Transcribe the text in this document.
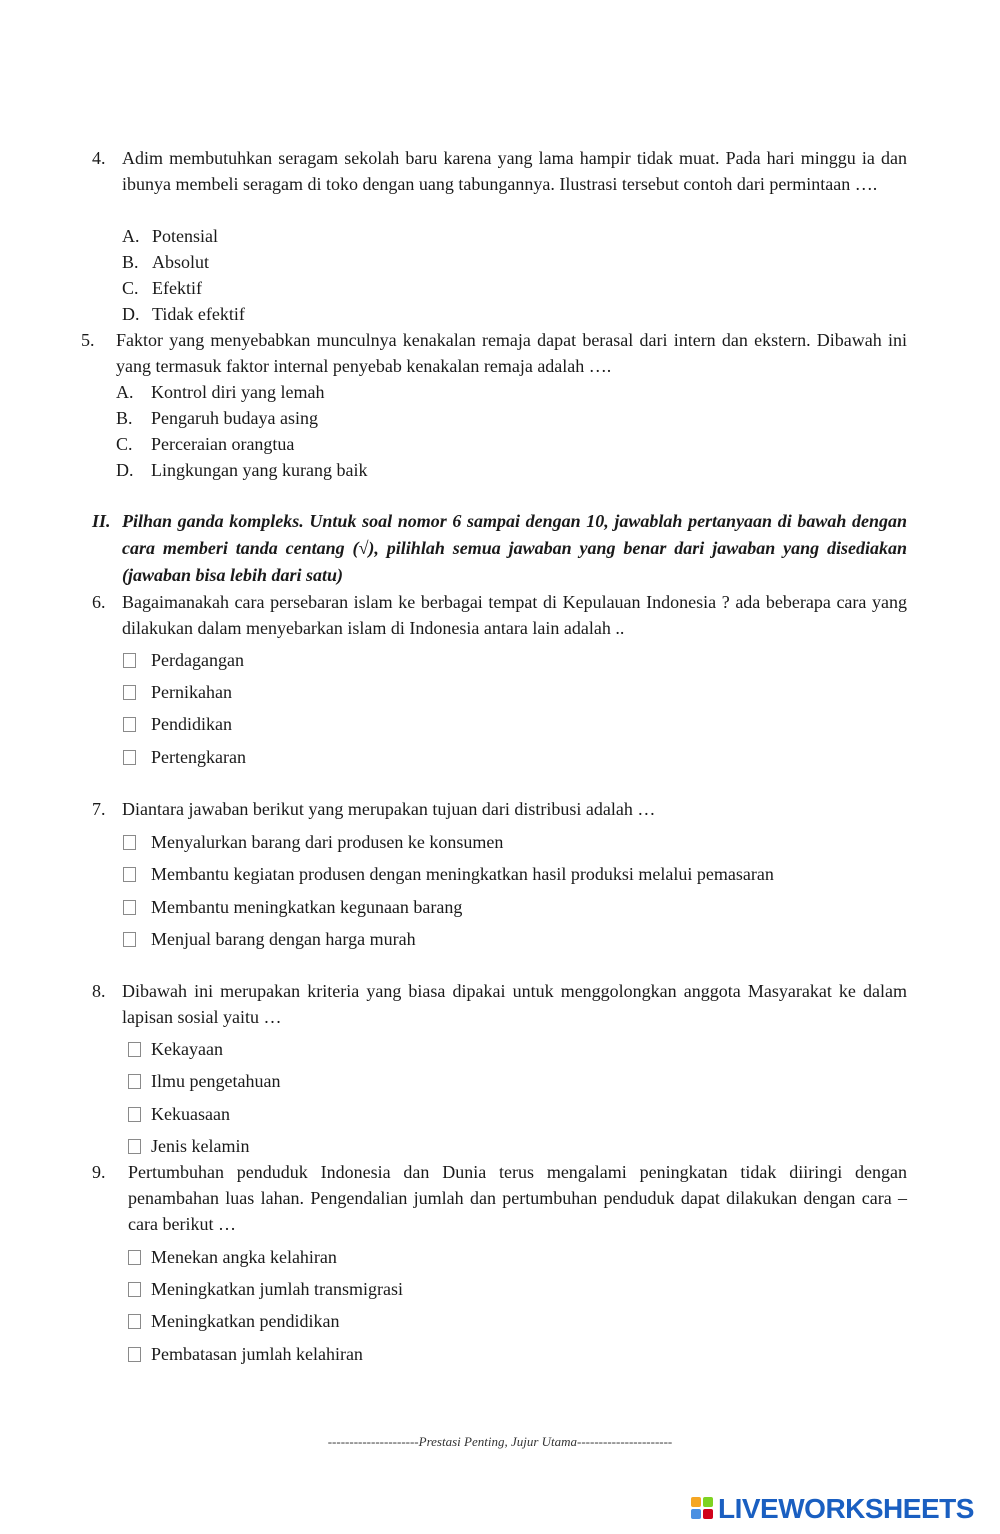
4. Adim membutuhkan seragam sekolah baru karena yang lama hampir tidak muat. Pada hari minggu ia dan ibunya membeli seragam di toko dengan uang tabungannya. Ilustrasi tersebut contoh dari permintaan ….
A. Potensial
B. Absolut
C. Efektif
D. Tidak efektif
5. Faktor yang menyebabkan munculnya kenakalan remaja dapat berasal dari intern dan ekstern. Dibawah ini yang termasuk faktor internal penyebab kenakalan remaja adalah ….
A. Kontrol diri yang lemah
B. Pengaruh budaya asing
C. Perceraian orangtua
D. Lingkungan yang kurang baik
II. Pilhan ganda kompleks. Untuk soal nomor 6 sampai dengan 10, jawablah pertanyaan di bawah dengan cara memberi tanda centang (√), pilihlah semua jawaban yang benar dari jawaban yang disediakan (jawaban bisa lebih dari satu)
6. Bagaimanakah cara persebaran islam ke berbagai tempat di Kepulauan Indonesia ? ada beberapa cara yang dilakukan dalam menyebarkan islam di Indonesia antara lain adalah ..
Perdagangan
Pernikahan
Pendidikan
Pertengkaran
7. Diantara jawaban berikut yang merupakan tujuan dari distribusi adalah …
Menyalurkan barang dari produsen ke konsumen
Membantu kegiatan produsen dengan meningkatkan hasil produksi melalui pemasaran
Membantu meningkatkan kegunaan barang
Menjual barang dengan harga murah
8. Dibawah ini merupakan kriteria yang biasa dipakai untuk menggolongkan anggota Masyarakat ke dalam lapisan sosial yaitu …
Kekayaan
Ilmu pengetahuan
Kekuasaan
Jenis kelamin
9. Pertumbuhan penduduk Indonesia dan Dunia terus mengalami peningkatan tidak diiringi dengan penambahan luas lahan. Pengendalian jumlah dan pertumbuhan penduduk dapat dilakukan dengan cara – cara berikut …
Menekan angka kelahiran
Meningkatkan jumlah transmigrasi
Meningkatkan pendidikan
Pembatasan jumlah kelahiran
---------------------Prestasi Penting, Jujur Utama----------------------
LIVEWORKSHEETS
